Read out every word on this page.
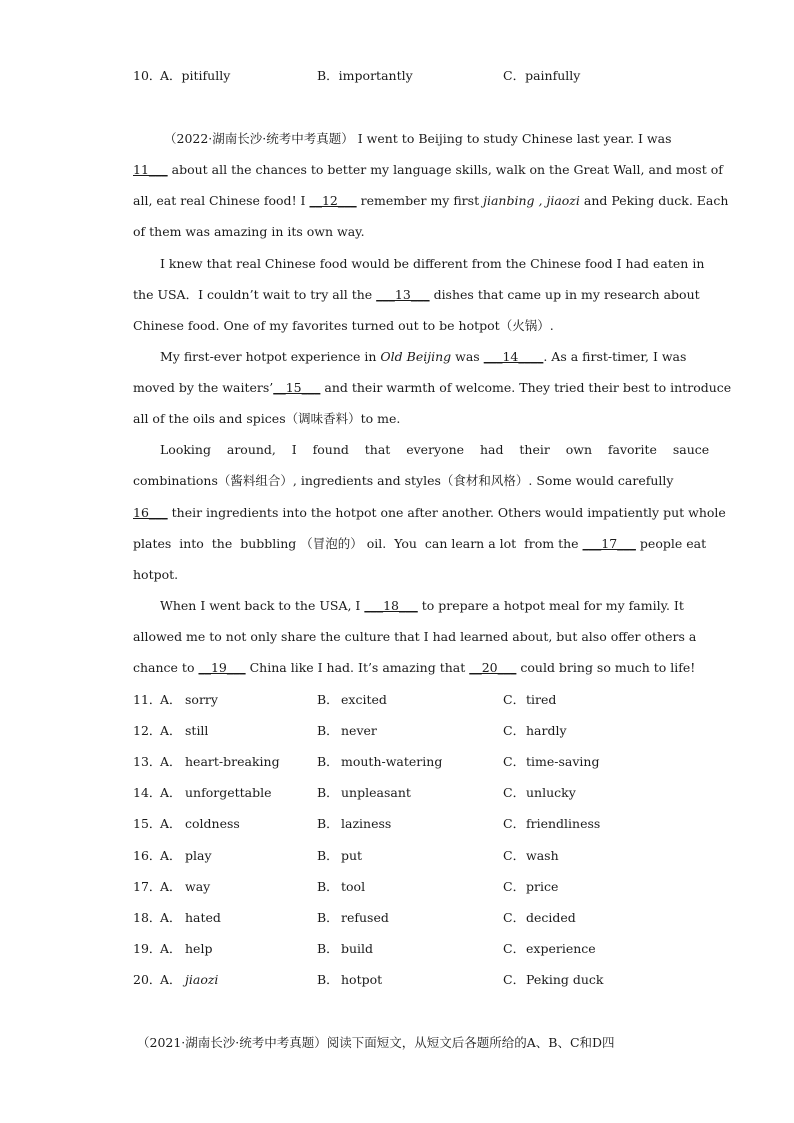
10．
A．pitifully	B．importantly	C．painfully
（2022·湖南长沙·统考中考真题） I went to Beijing to study Chinese last year. I was
11___ about all the chances to better my language skills, walk on the Great Wall, and most of
all, eat real Chinese food! I __12___ remember my first jianbing , jiaozi and Peking duck. Each
of them was amazing in its own way.
I knew that real Chinese food would be different from the Chinese food I had eaten in
the USA．I couldn’t wait to try all the ___13___ dishes that came up in my research about
Chinese food. One of my favorites turned out to be hotpot（火锅）.
My first-ever hotpot experience in Old Beijing was ___14____. As a first-timer, I was
moved by the waiters’__15___ and their warmth of welcome. They tried their best to introduce
all of the oils and spices（调味香料）to me.
Looking    around,    I    found    that    everyone    had    their    own    favorite    sauce
combinations（酱料组合）, ingredients and styles（食材和风格）. Some would carefully
16___ their ingredients into the hotpot one after another. Others would impatiently put whole
plates  into  the  bubbling （冒泡的） oil.  You  can learn a lot  from the ___17___ people eat
hotpot.
When I went back to the USA, I ___18___ to prepare a hotpot meal for my family. It
allowed me to not only share the culture that I had learned about, but also offer others a
chance to __19___ China like I had. It’s amazing that __20___ could bring so much to life!
11．
A． sorry	B． excited	C． tired
12．
A． still	B． never	C． hardly
13．
A． heart-breaking	B． mouth-watering	C． time-saving
14．
A． unforgettable	B． unpleasant	C． unlucky
15．
A． coldness	B． laziness	C． friendliness
16．
A． play	B． put	C． wash
17．
A． way	B． tool	C． price
18．
A． hated	B． refused	C． decided
19．
A． help	B． build	C． experience
20．
A． jiaozi	B． hotpot	C． Peking duck
（2021·湖南长沙·统考中考真题）阅读下面短文，从短文后各题所给的A、B、C和D四
